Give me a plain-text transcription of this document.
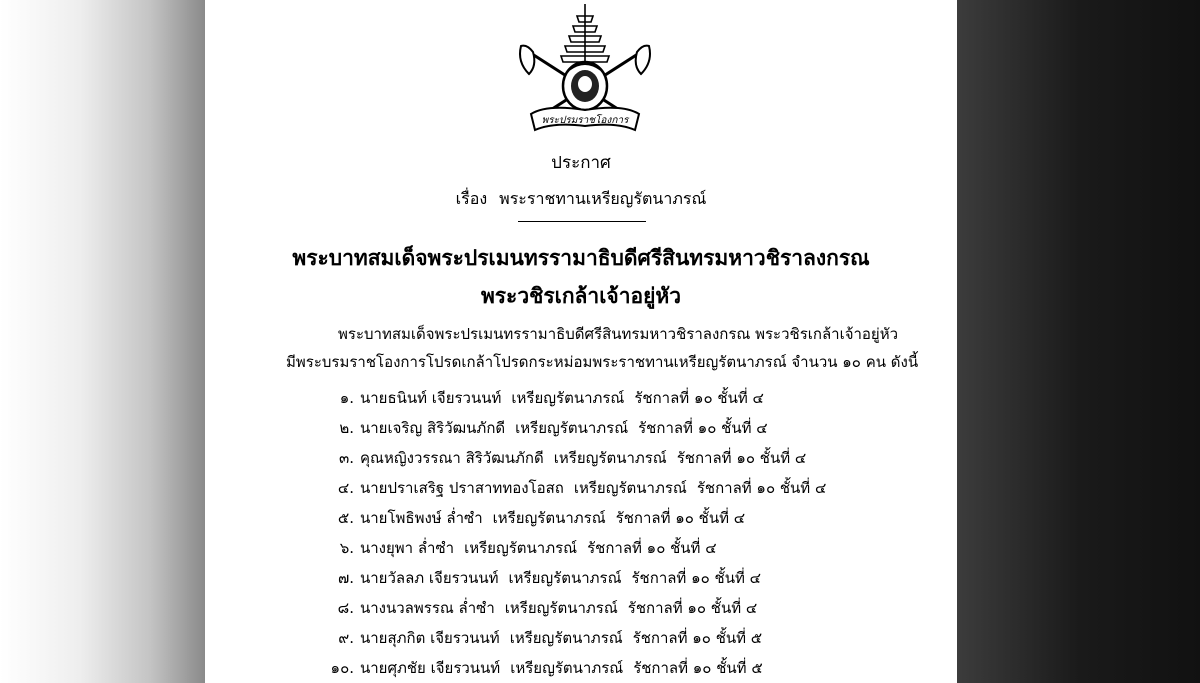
พระปรมราชโองการ
ประกาศ
เรื่อง พระราชทานเหรียญรัตนาภรณ์
พระบาทสมเด็จพระปรเมนทรรามาธิบดีศรีสินทรมหาวชิราลงกรณ
พระวชิรเกล้าเจ้าอยู่หัว
พระบาทสมเด็จพระปรเมนทรรามาธิบดีศรีสินทรมหาวชิราลงกรณ พระวชิรเกล้าเจ้าอยู่หัว
มีพระบรมราชโองการโปรดเกล้าโปรดกระหม่อมพระราชทานเหรียญรัตนาภรณ์ จำนวน ๑๐ คน ดังนี้
๑. นายธนินท์ เจียรวนนท์ เหรียญรัตนาภรณ์ รัชกาลที่ ๑๐ ชั้นที่ ๔
๒. นายเจริญ สิริวัฒนภักดี เหรียญรัตนาภรณ์ รัชกาลที่ ๑๐ ชั้นที่ ๔
๓. คุณหญิงวรรณา สิริวัฒนภักดี เหรียญรัตนาภรณ์ รัชกาลที่ ๑๐ ชั้นที่ ๔
๔. นายปราเสริฐ ปราสาททองโอสถ เหรียญรัตนาภรณ์ รัชกาลที่ ๑๐ ชั้นที่ ๔
๕. นายโพธิพงษ์ ล่ำซำ เหรียญรัตนาภรณ์ รัชกาลที่ ๑๐ ชั้นที่ ๔
๖. นางยุพา ล่ำซำ เหรียญรัตนาภรณ์ รัชกาลที่ ๑๐ ชั้นที่ ๔
๗. นายวัลลภ เจียรวนนท์ เหรียญรัตนาภรณ์ รัชกาลที่ ๑๐ ชั้นที่ ๔
๘. นางนวลพรรณ ล่ำซำ เหรียญรัตนาภรณ์ รัชกาลที่ ๑๐ ชั้นที่ ๔
๙. นายสุภกิต เจียรวนนท์ เหรียญรัตนาภรณ์ รัชกาลที่ ๑๐ ชั้นที่ ๕
๑๐. นายศุภชัย เจียรวนนท์ เหรียญรัตนาภรณ์ รัชกาลที่ ๑๐ ชั้นที่ ๕
